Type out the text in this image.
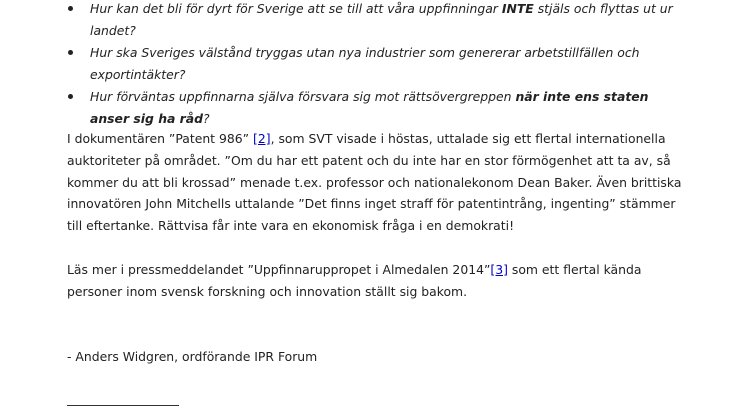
Hur kan det bli för dyrt för Sverige att se till att våra uppfinningar INTE stjäls och flyttas ut ur landet?
Hur ska Sveriges välstånd tryggas utan nya industrier som genererar arbetstillfällen och exportintäkter?
Hur förväntas uppfinnarna själva försvara sig mot rättsövergreppen när inte ens staten anser sig ha råd?

I dokumentären ”Patent 986” [2], som SVT visade i höstas, uttalade sig ett flertal internationella auktoriteter på området. ”Om du har ett patent och du inte har en stor förmögenhet att ta av, så kommer du att bli krossad” menade t.ex. professor och nationalekonom Dean Baker. Även brittiska innovatören John Mitchells uttalande ”Det finns inget straff för patentintrång, ingenting” stämmer till eftertanke. Rättvisa får inte vara en ekonomisk fråga i en demokrati!

Läs mer i pressmeddelandet ”Uppfinnaruppropet i Almedalen 2014”[3] som ett flertal kända personer inom svensk forskning och innovation ställt sig bakom.

- Anders Widgren, ordförande IPR Forum
